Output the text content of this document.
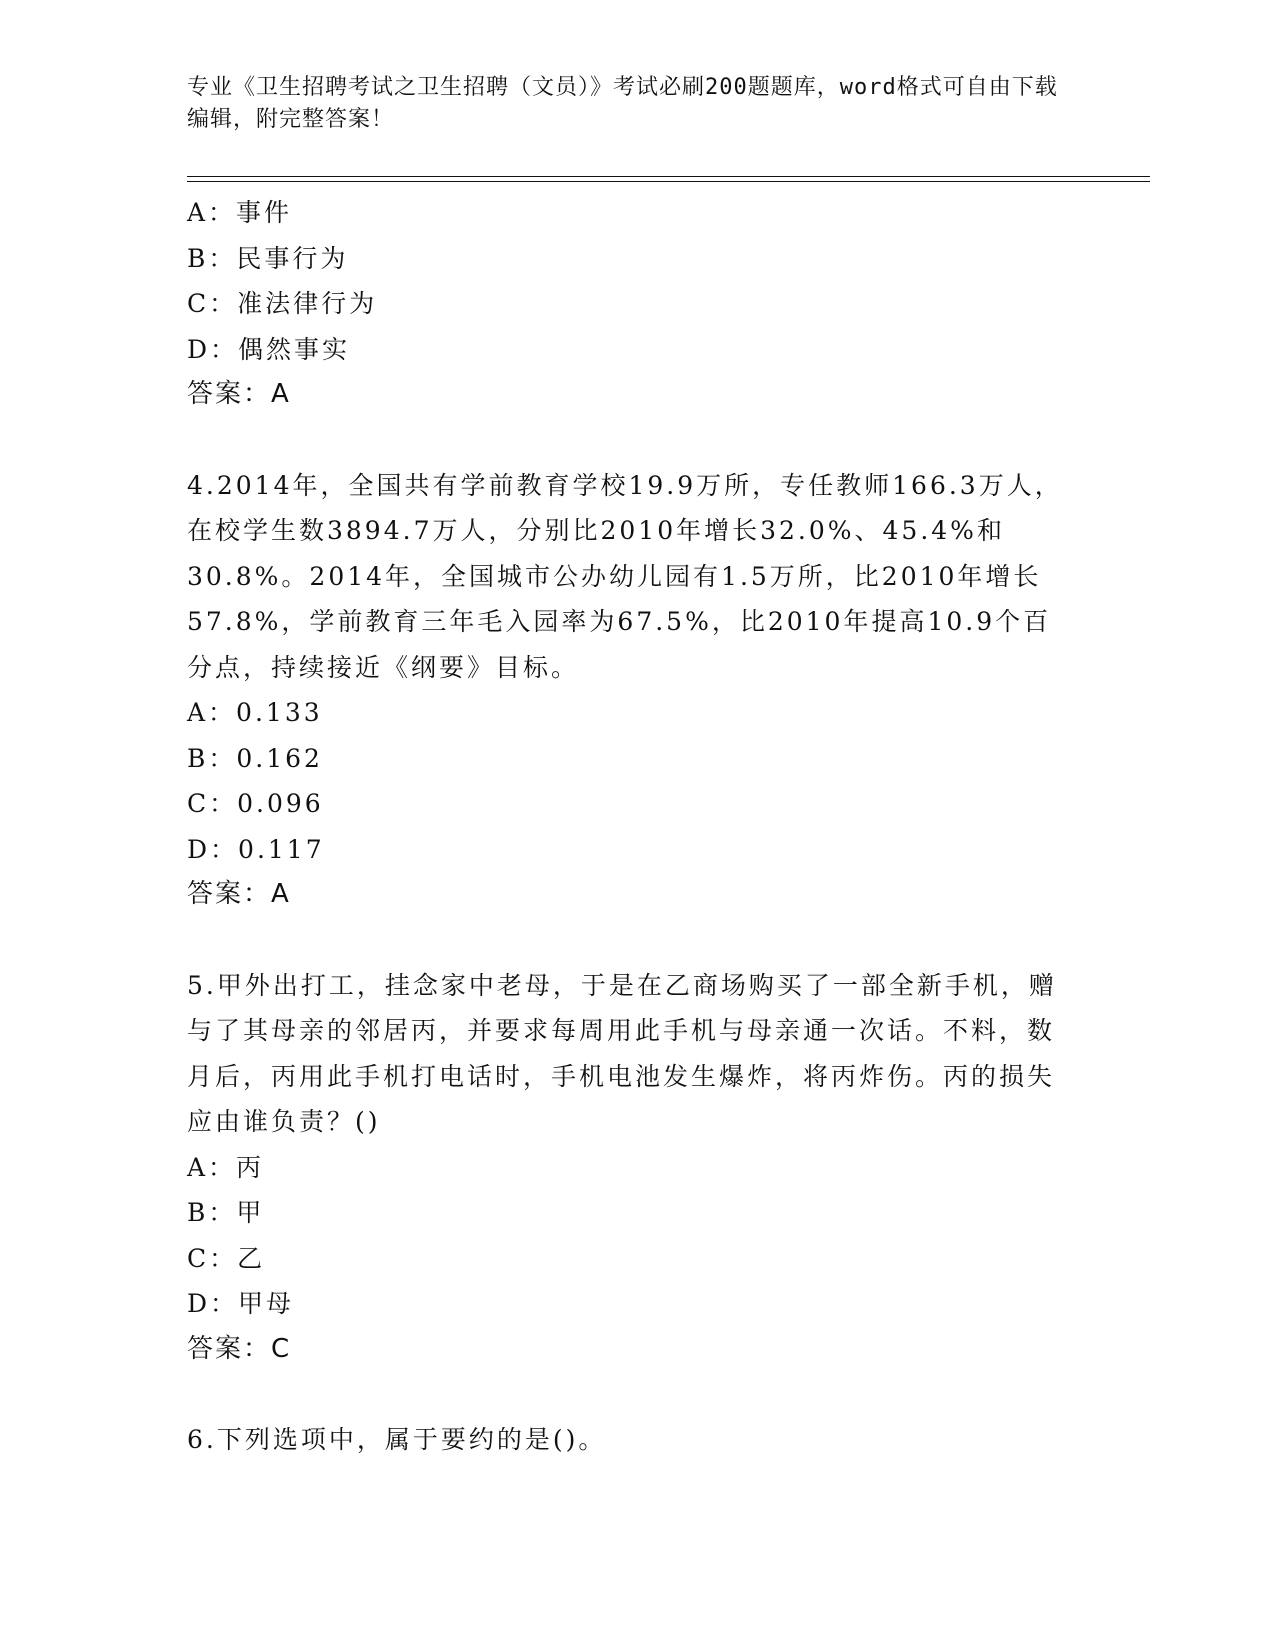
专业《卫生招聘考试之卫生招聘（文员）》考试必刷200题题库，word格式可自由下载编辑，附完整答案！
A：事件
B：民事行为
C：准法律行为
D：偶然事实
答案：A
4.2014年，全国共有学前教育学校19.9万所，专任教师166.3万人，在校学生数3894.7万人，分别比2010年增长32.0%、45.4%和30.8%。2014年，全国城市公办幼儿园有1.5万所，比2010年增长57.8%，学前教育三年毛入园率为67.5%，比2010年提高10.9个百分点，持续接近《纲要》目标。
A：0.133
B：0.162
C：0.096
D：0.117
答案：A
5.甲外出打工，挂念家中老母，于是在乙商场购买了一部全新手机，赠与了其母亲的邻居丙，并要求每周用此手机与母亲通一次话。不料，数月后，丙用此手机打电话时，手机电池发生爆炸，将丙炸伤。丙的损失应由谁负责？()
A：丙
B：甲
C：乙
D：甲母
答案：C
6.下列选项中，属于要约的是()。
